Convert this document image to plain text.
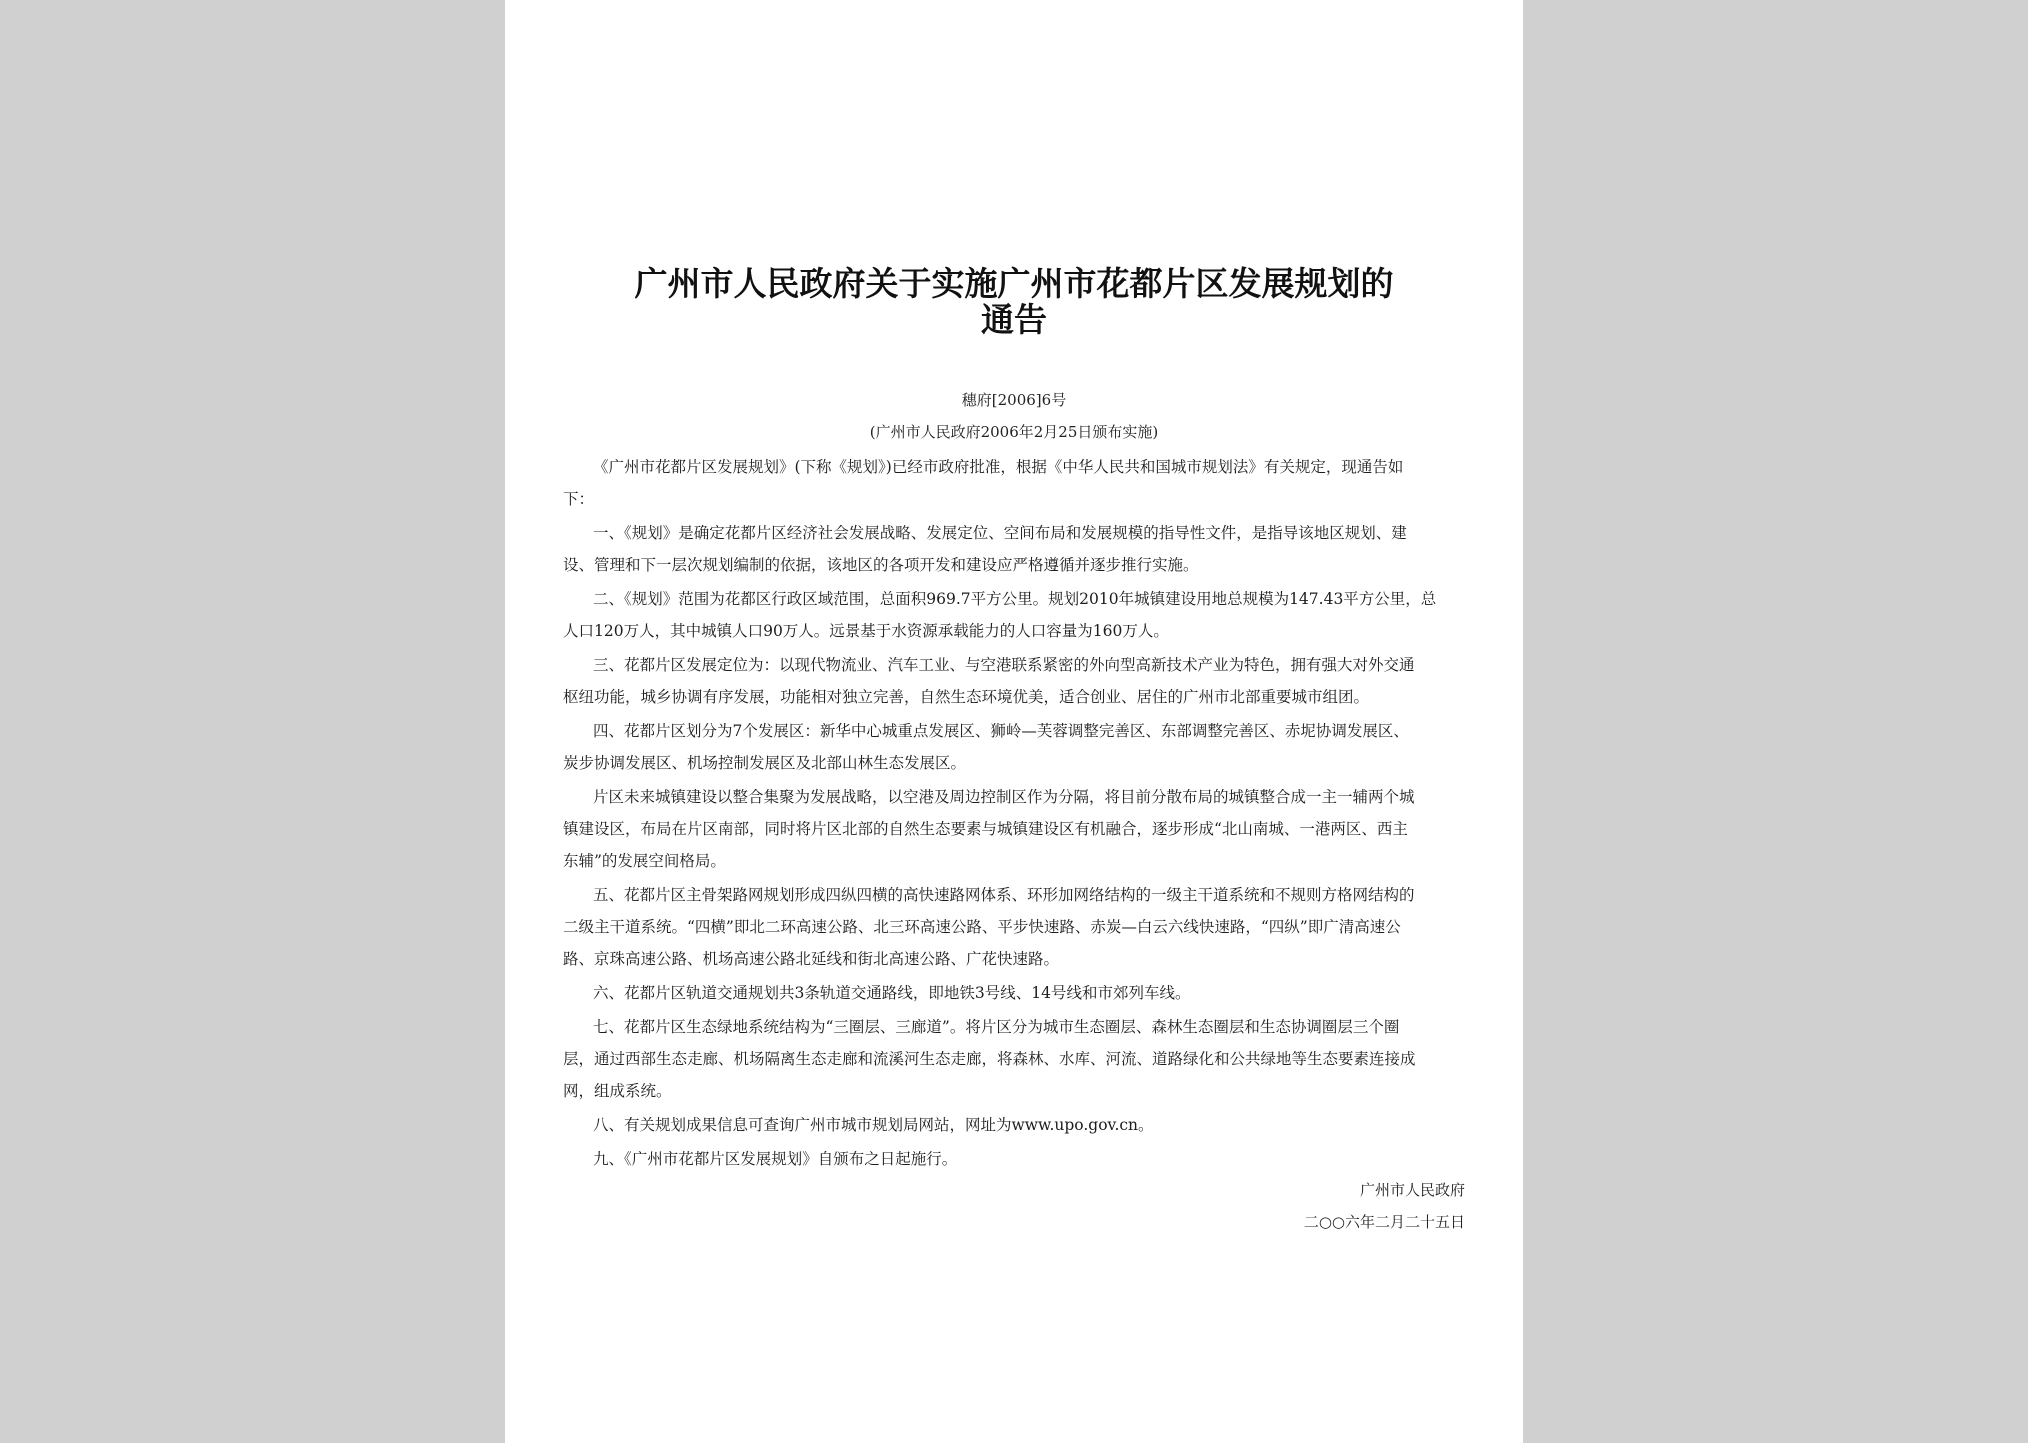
广州市人民政府关于实施广州市花都片区发展规划的
通告
穗府[2006]6号
(广州市人民政府2006年2月25日颁布实施)
《广州市花都片区发展规划》(下称《规划》)已经市政府批准，根据《中华人民共和国城市规划法》有关规定，现通告如
下：
一、《规划》是确定花都片区经济社会发展战略、发展定位、空间布局和发展规模的指导性文件，是指导该地区规划、建
设、管理和下一层次规划编制的依据，该地区的各项开发和建设应严格遵循并逐步推行实施。
二、《规划》范围为花都区行政区域范围，总面积969.7平方公里。规划2010年城镇建设用地总规模为147.43平方公里，总
人口120万人，其中城镇人口90万人。远景基于水资源承载能力的人口容量为160万人。
三、花都片区发展定位为：以现代物流业、汽车工业、与空港联系紧密的外向型高新技术产业为特色，拥有强大对外交通
枢纽功能，城乡协调有序发展，功能相对独立完善，自然生态环境优美，适合创业、居住的广州市北部重要城市组团。
四、花都片区划分为7个发展区：新华中心城重点发展区、狮岭—芙蓉调整完善区、东部调整完善区、赤坭协调发展区、
炭步协调发展区、机场控制发展区及北部山林生态发展区。
片区未来城镇建设以整合集聚为发展战略，以空港及周边控制区作为分隔，将目前分散布局的城镇整合成一主一辅两个城
镇建设区，布局在片区南部，同时将片区北部的自然生态要素与城镇建设区有机融合，逐步形成“北山南城、一港两区、西主
东辅”的发展空间格局。
五、花都片区主骨架路网规划形成四纵四横的高快速路网体系、环形加网络结构的一级主干道系统和不规则方格网结构的
二级主干道系统。“四横”即北二环高速公路、北三环高速公路、平步快速路、赤炭—白云六线快速路，“四纵”即广清高速公
路、京珠高速公路、机场高速公路北延线和街北高速公路、广花快速路。
六、花都片区轨道交通规划共3条轨道交通路线，即地铁3号线、14号线和市郊列车线。
七、花都片区生态绿地系统结构为“三圈层、三廊道”。将片区分为城市生态圈层、森林生态圈层和生态协调圈层三个圈
层，通过西部生态走廊、机场隔离生态走廊和流溪河生态走廊，将森林、水库、河流、道路绿化和公共绿地等生态要素连接成
网，组成系统。
八、有关规划成果信息可查询广州市城市规划局网站，网址为www.upo.gov.cn。
九、《广州市花都片区发展规划》自颁布之日起施行。
广州市人民政府
二○○六年二月二十五日
